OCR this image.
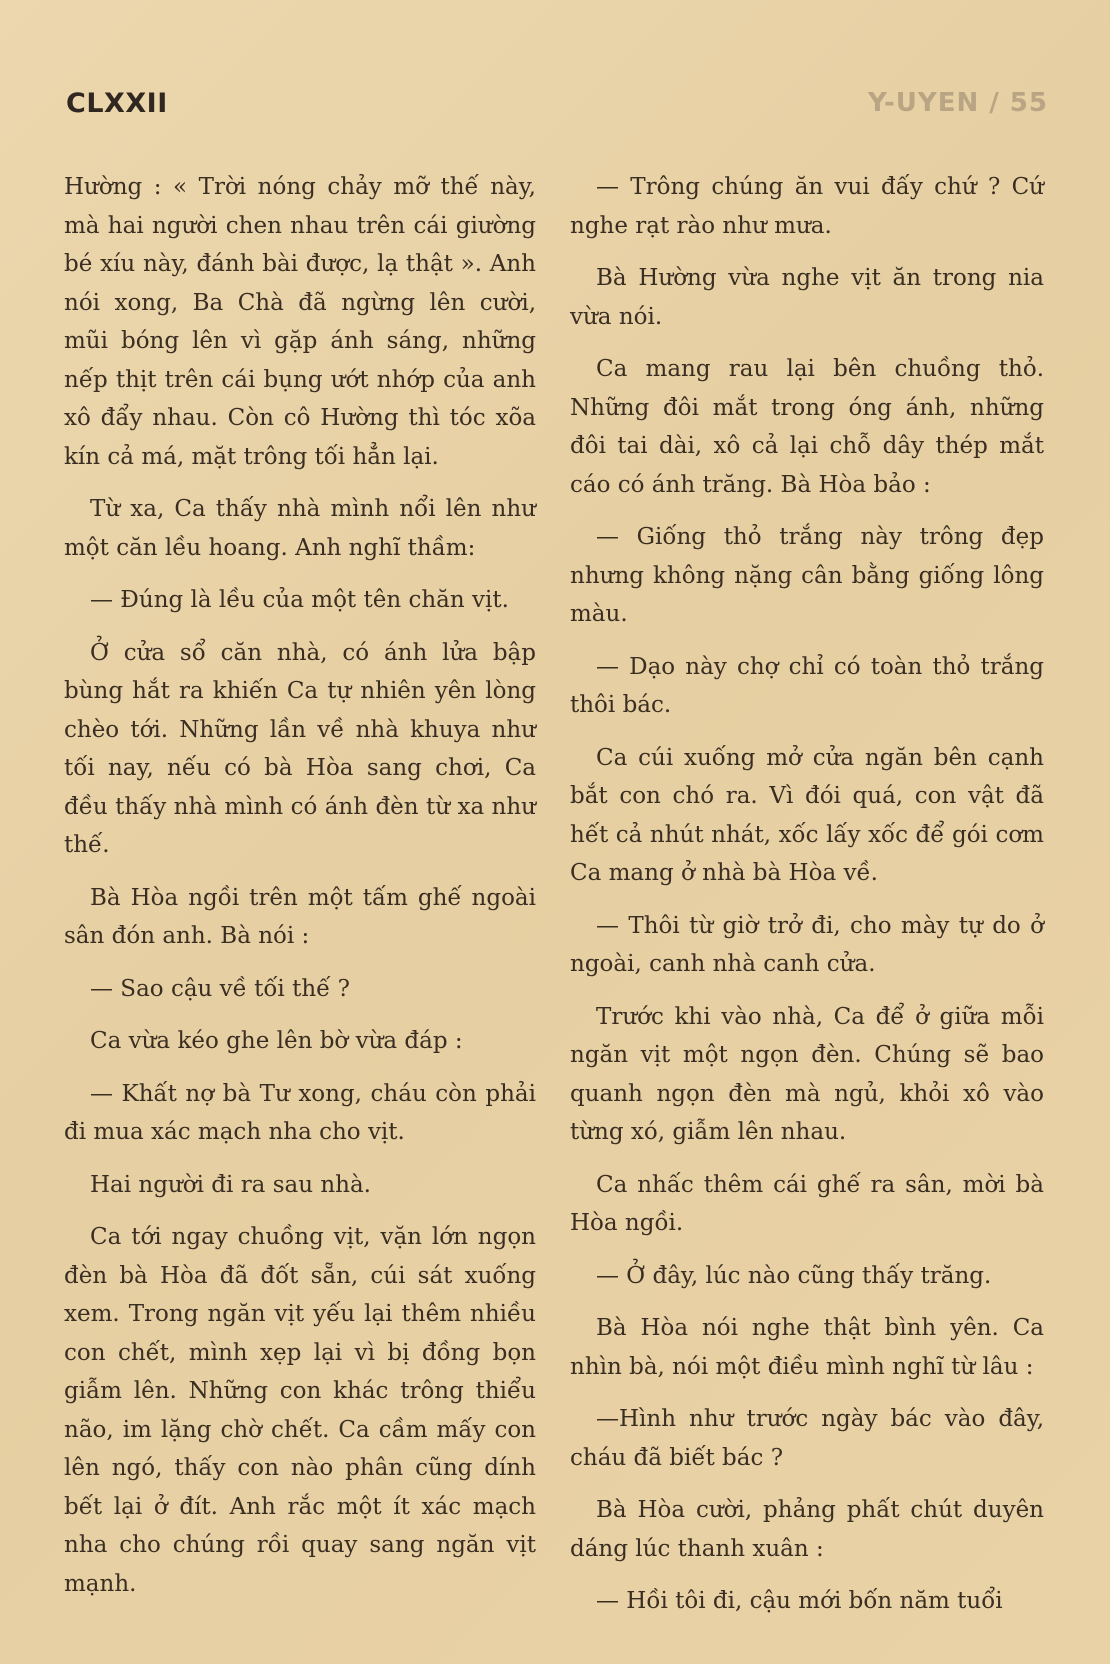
CLXXII	Y-UYEN / 55

Hường : « Trời nóng chảy mỡ thế này, mà hai người chen nhau trên cái giường bé xíu này, đánh bài được, lạ thật ». Anh nói xong, Ba Chà đã ngừng lên cười, mũi bóng lên vì gặp ánh sáng, những nếp thịt trên cái bụng ướt nhớp của anh xô đẩy nhau. Còn cô Hường thì tóc xõa kín cả má, mặt trông tối hẳn lại.

Từ xa, Ca thấy nhà mình nổi lên như một căn lều hoang. Anh nghĩ thầm:

— Đúng là lều của một tên chăn vịt.

Ở cửa sổ căn nhà, có ánh lửa bập bùng hắt ra khiến Ca tự nhiên yên lòng chèo tới. Những lần về nhà khuya như tối nay, nếu có bà Hòa sang chơi, Ca đều thấy nhà mình có ánh đèn từ xa như thế.

Bà Hòa ngồi trên một tấm ghế ngoài sân đón anh. Bà nói :

— Sao cậu về tối thế ?

Ca vừa kéo ghe lên bờ vừa đáp :

— Khất nợ bà Tư xong, cháu còn phải đi mua xác mạch nha cho vịt.

Hai người đi ra sau nhà.

Ca tới ngay chuồng vịt, vặn lớn ngọn đèn bà Hòa đã đốt sẵn, cúi sát xuống xem. Trong ngăn vịt yếu lại thêm nhiều con chết, mình xẹp lại vì bị đồng bọn giẫm lên. Những con khác trông thiểu não, im lặng chờ chết. Ca cầm mấy con lên ngó, thấy con nào phân cũng dính bết lại ở đít. Anh rắc một ít xác mạch nha cho chúng rồi quay sang ngăn vịt mạnh.

— Trông chúng ăn vui đấy chứ ? Cứ nghe rạt rào như mưa.

Bà Hường vừa nghe vịt ăn trong nia vừa nói.

Ca mang rau lại bên chuồng thỏ. Những đôi mắt trong óng ánh, những đôi tai dài, xô cả lại chỗ dây thép mắt cáo có ánh trăng. Bà Hòa bảo :

— Giống thỏ trắng này trông đẹp nhưng không nặng cân bằng giống lông màu.

— Dạo này chợ chỉ có toàn thỏ trắng thôi bác.

Ca cúi xuống mở cửa ngăn bên cạnh bắt con chó ra. Vì đói quá, con vật đã hết cả nhút nhát, xốc lấy xốc để gói cơm Ca mang ở nhà bà Hòa về.

— Thôi từ giờ trở đi, cho mày tự do ở ngoài, canh nhà canh cửa.

Trước khi vào nhà, Ca để ở giữa mỗi ngăn vịt một ngọn đèn. Chúng sẽ bao quanh ngọn đèn mà ngủ, khỏi xô vào từng xó, giẫm lên nhau.

Ca nhấc thêm cái ghế ra sân, mời bà Hòa ngồi.

— Ở đây, lúc nào cũng thấy trăng.

Bà Hòa nói nghe thật bình yên. Ca nhìn bà, nói một điều mình nghĩ từ lâu :

—Hình như trước ngày bác vào đây, cháu đã biết bác ?

Bà Hòa cười, phảng phất chút duyên dáng lúc thanh xuân :

— Hồi tôi đi, cậu mới bốn năm tuổi
